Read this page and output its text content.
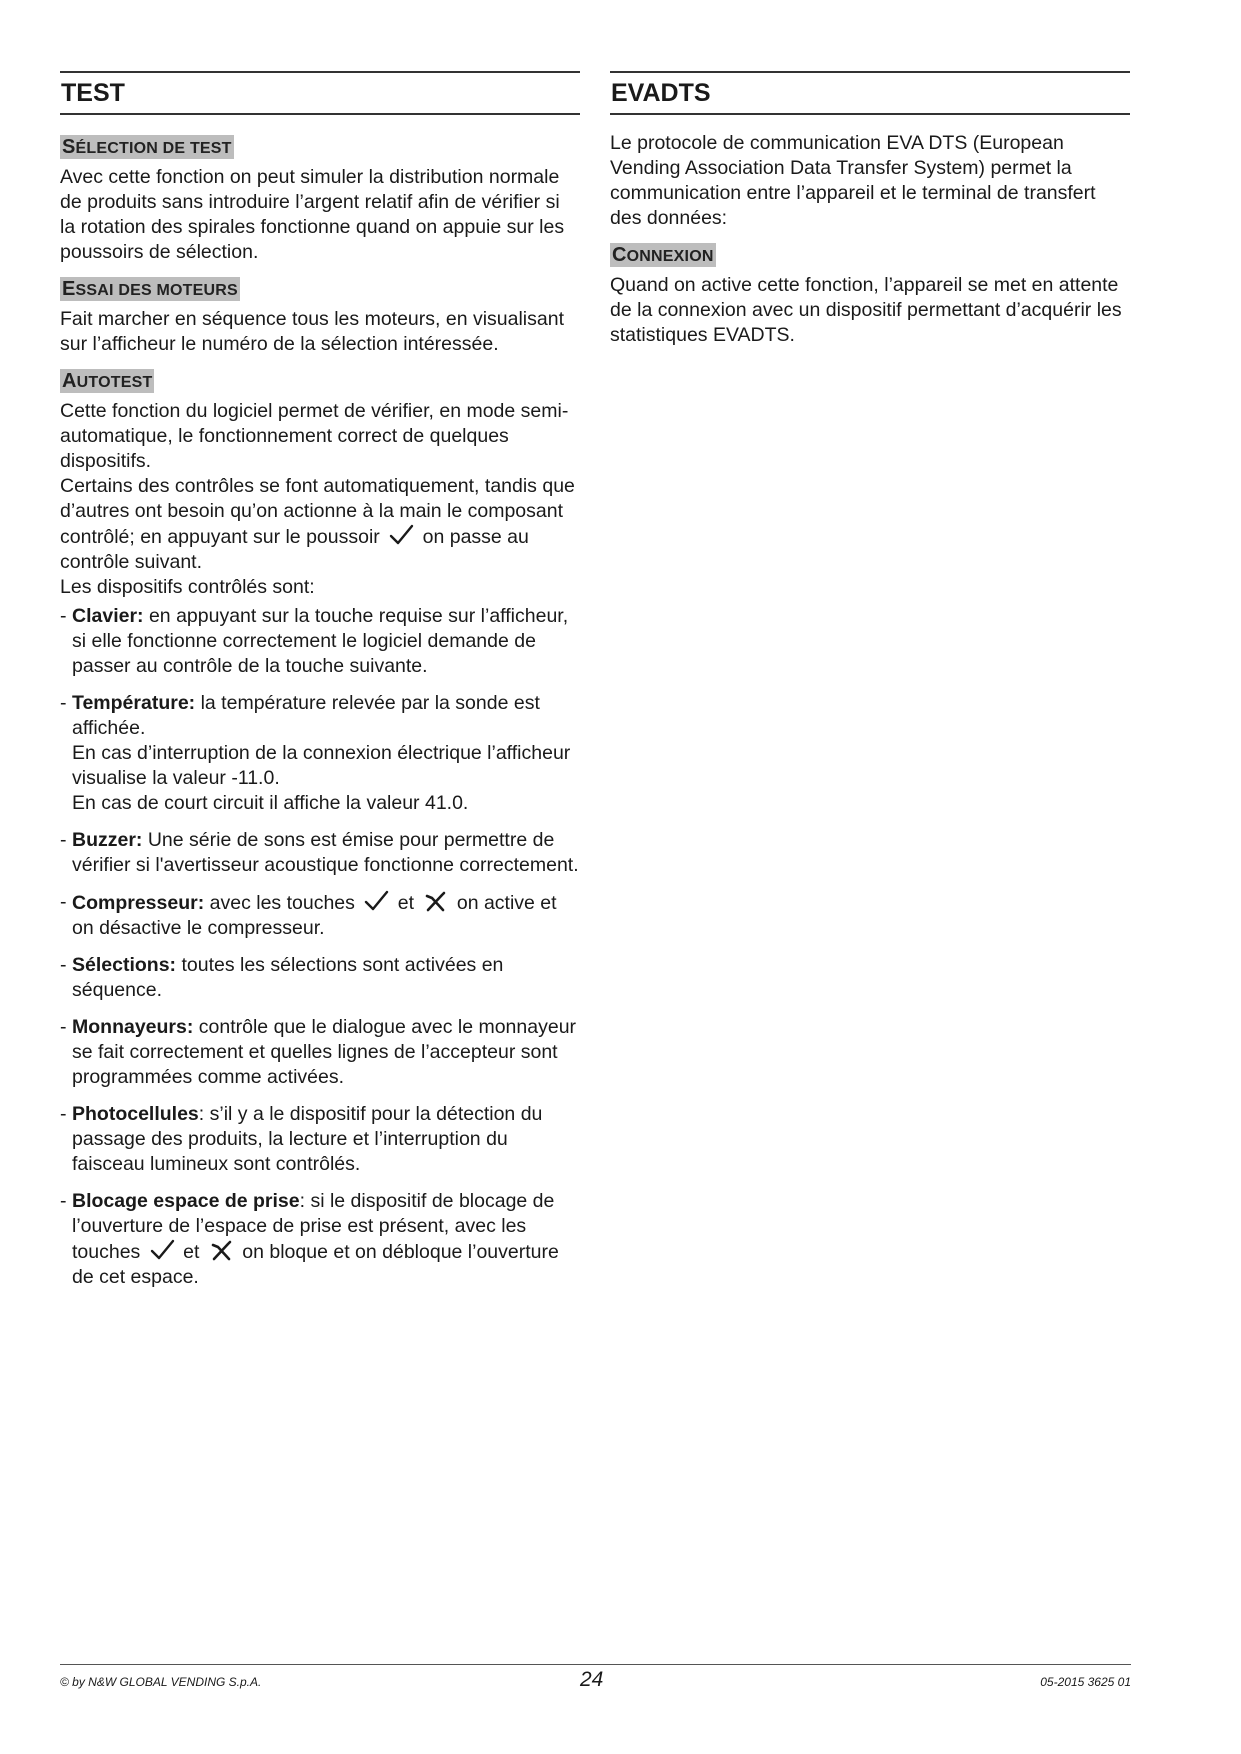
TEST
SÉLECTION DE TEST

Avec cette fonction on peut simuler la distribution normale de produits sans introduire l’argent relatif afin de vérifier si la rotation des spirales fonctionne quand on appuie sur les poussoirs de sélection.

ESSAI DES MOTEURS

Fait marcher en séquence tous les moteurs, en visualisant sur l’afficheur le numéro de la sélection intéressée.

AUTOTEST

Cette fonction du logiciel permet de vérifier, en mode semi-automatique, le fonctionnement correct de quelques dispositifs.

Certains des contrôles se font automatiquement, tandis que d’autres ont besoin qu’on actionne à la main le composant contrôlé; en appuyant sur le poussoir on passe au contrôle suivant.

Les dispositifs contrôlés sont:

- Clavier: en appuyant sur la touche requise sur l’afficheur, si elle fonctionne correctement le logiciel demande de passer au contrôle de la touche suivante.
- Température: la température relevée par la sonde est affichée.
En cas d’interruption de la connexion électrique l’afficheur visualise la valeur -11.0.
En cas de court circuit il affiche la valeur 41.0.
- Buzzer: Une série de sons est émise pour permettre de vérifier si l'avertisseur acoustique fonctionne correctement.
- Compresseur: avec les touches et on active et on désactive le compresseur.
- Sélections: toutes les sélections sont activées en séquence.
- Monnayeurs: contrôle que le dialogue avec le monnayeur se fait correctement et quelles lignes de l’accepteur sont programmées comme activées.
- Photocellules: s’il y a le dispositif pour la détection du passage des produits, la lecture et l’interruption du faisceau lumineux sont contrôlés.
- Blocage espace de prise: si le dispositif de blocage de l’ouverture de l’espace de prise est présent, avec les touches et on bloque et on débloque l’ouverture de cet espace.
EVADTS

Le protocole de communication EVA DTS (European Vending Association Data Transfer System) permet la communication entre l’appareil et le terminal de transfert des données:

CONNEXION

Quand on active cette fonction, l’appareil se met en attente de la connexion avec un dispositif permettant d’acquérir les statistiques EVADTS.

© by N&W GLOBAL VENDING S.p.A.	24	05-2015 3625 01
